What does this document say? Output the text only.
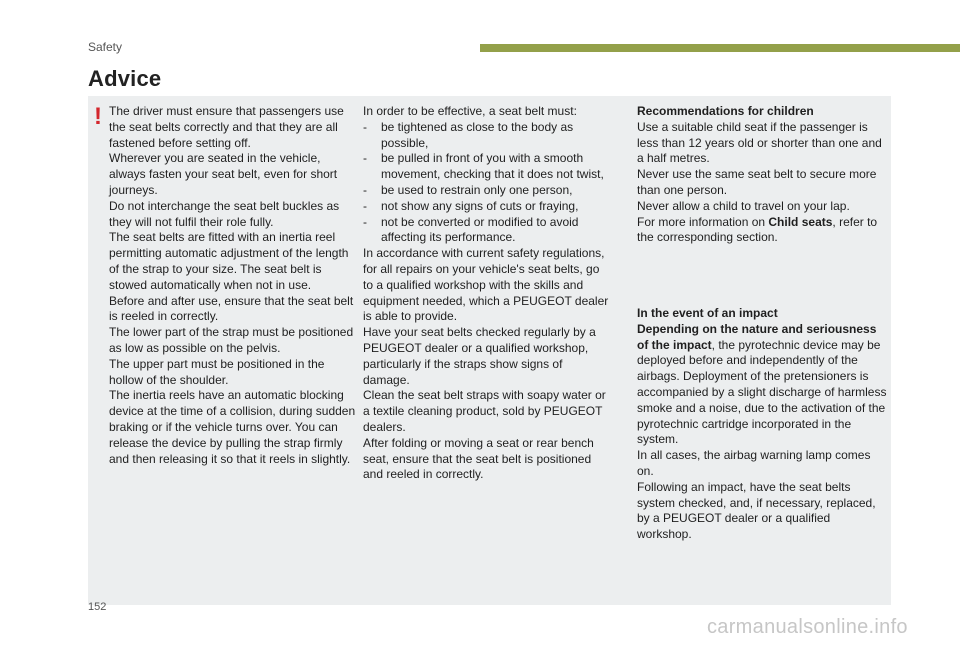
Safety
Advice
! The driver must ensure that passengers use the seat belts correctly and that they are all fastened before setting off.

Wherever you are seated in the vehicle, always fasten your seat belt, even for short journeys.

Do not interchange the seat belt buckles as they will not fulfil their role fully.

The seat belts are fitted with an inertia reel permitting automatic adjustment of the length of the strap to your size. The seat belt is stowed automatically when not in use.

Before and after use, ensure that the seat belt is reeled in correctly.

The lower part of the strap must be positioned as low as possible on the pelvis.

The upper part must be positioned in the hollow of the shoulder.

The inertia reels have an automatic blocking device at the time of a collision, during sudden braking or if the vehicle turns over. You can release the device by pulling the strap firmly and then releasing it so that it reels in slightly.

In order to be effective, a seat belt must:

- be tightened as close to the body as possible,
- be pulled in front of you with a smooth movement, checking that it does not twist,
- be used to restrain only one person,
- not show any signs of cuts or fraying,
- not be converted or modified to avoid affecting its performance.

In accordance with current safety regulations, for all repairs on your vehicle's seat belts, go to a qualified workshop with the skills and equipment needed, which a PEUGEOT dealer is able to provide.

Have your seat belts checked regularly by a PEUGEOT dealer or a qualified workshop, particularly if the straps show signs of damage.

Clean the seat belt straps with soapy water or a textile cleaning product, sold by PEUGEOT dealers.

After folding or moving a seat or rear bench seat, ensure that the seat belt is positioned and reeled in correctly.

Recommendations for children

Use a suitable child seat if the passenger is less than 12 years old or shorter than one and a half metres.

Never use the same seat belt to secure more than one person.

Never allow a child to travel on your lap.

For more information on Child seats, refer to the corresponding section.

In the event of an impact

Depending on the nature and seriousness of the impact, the pyrotechnic device may be deployed before and independently of the airbags. Deployment of the pretensioners is accompanied by a slight discharge of harmless smoke and a noise, due to the activation of the pyrotechnic cartridge incorporated in the system.

In all cases, the airbag warning lamp comes on.

Following an impact, have the seat belts system checked, and, if necessary, replaced, by a PEUGEOT dealer or a qualified workshop.

152
carmanualsonline.info
